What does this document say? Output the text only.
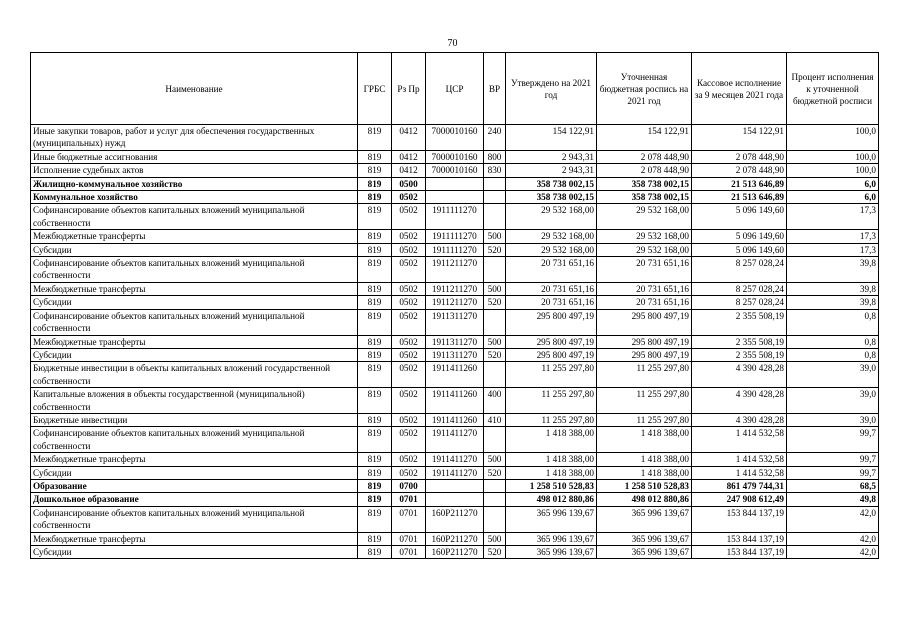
70
Наименование	ГРБС	Рз Пр	ЦСР	ВР	Утверждено на 2021 год	Уточненная бюджетная роспись на 2021 год	Кассовое исполнение за 9 месяцев 2021 года	Процент исполнения к уточненной бюджетной росписи
Иные закупки товаров, работ и услуг для обеспечения государственных (муниципальных) нужд	819	0412	7000010160	240	154 122,91	154 122,91	154 122,91	100,0
Иные бюджетные ассигнования	819	0412	7000010160	800	2 943,31	2 078 448,90	2 078 448,90	100,0
Исполнение судебных актов	819	0412	7000010160	830	2 943,31	2 078 448,90	2 078 448,90	100,0
Жилищно-коммунальное хозяйство	819	0500			358 738 002,15	358 738 002,15	21 513 646,89	6,0
Коммунальное хозяйство	819	0502			358 738 002,15	358 738 002,15	21 513 646,89	6,0
Софинансирование объектов капитальных вложений муниципальной собственности	819	0502	1911111270		29 532 168,00	29 532 168,00	5 096 149,60	17,3
Межбюджетные трансферты	819	0502	1911111270	500	29 532 168,00	29 532 168,00	5 096 149,60	17,3
Субсидии	819	0502	1911111270	520	29 532 168,00	29 532 168,00	5 096 149,60	17,3
Софинансирование объектов капитальных вложений муниципальной собственности	819	0502	1911211270		20 731 651,16	20 731 651,16	8 257 028,24	39,8
Межбюджетные трансферты	819	0502	1911211270	500	20 731 651,16	20 731 651,16	8 257 028,24	39,8
Субсидии	819	0502	1911211270	520	20 731 651,16	20 731 651,16	8 257 028,24	39,8
Софинансирование объектов капитальных вложений муниципальной собственности	819	0502	1911311270		295 800 497,19	295 800 497,19	2 355 508,19	0,8
Межбюджетные трансферты	819	0502	1911311270	500	295 800 497,19	295 800 497,19	2 355 508,19	0,8
Субсидии	819	0502	1911311270	520	295 800 497,19	295 800 497,19	2 355 508,19	0,8
Бюджетные инвестиции в объекты капитальных вложений государственной собственности	819	0502	1911411260		11 255 297,80	11 255 297,80	4 390 428,28	39,0
Капитальные вложения в объекты государственной (муниципальной) собственности	819	0502	1911411260	400	11 255 297,80	11 255 297,80	4 390 428,28	39,0
Бюджетные инвестиции	819	0502	1911411260	410	11 255 297,80	11 255 297,80	4 390 428,28	39,0
Софинансирование объектов капитальных вложений муниципальной собственности	819	0502	1911411270		1 418 388,00	1 418 388,00	1 414 532,58	99,7
Межбюджетные трансферты	819	0502	1911411270	500	1 418 388,00	1 418 388,00	1 414 532,58	99,7
Субсидии	819	0502	1911411270	520	1 418 388,00	1 418 388,00	1 414 532,58	99,7
Образование	819	0700			1 258 510 528,83	1 258 510 528,83	861 479 744,31	68,5
Дошкольное образование	819	0701			498 012 880,86	498 012 880,86	247 908 612,49	49,8
Софинансирование объектов капитальных вложений муниципальной собственности	819	0701	160P211270		365 996 139,67	365 996 139,67	153 844 137,19	42,0
Межбюджетные трансферты	819	0701	160P211270	500	365 996 139,67	365 996 139,67	153 844 137,19	42,0
Субсидии	819	0701	160P211270	520	365 996 139,67	365 996 139,67	153 844 137,19	42,0
